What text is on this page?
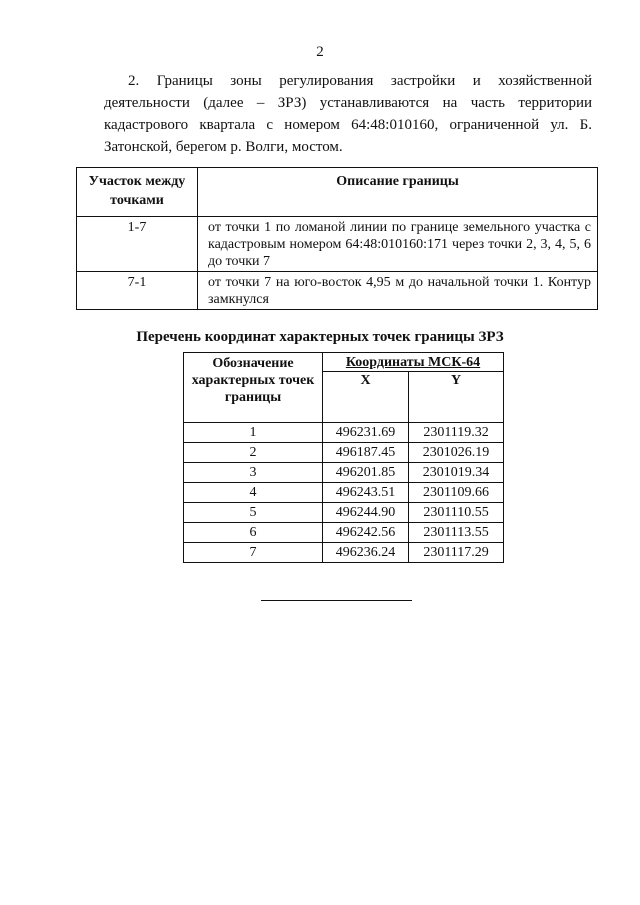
2

2. Границы зоны регулирования застройки и хозяйственной деятельности (далее – ЗРЗ) устанавливаются на часть территории кадастрового квартала с номером 64:48:010160, ограниченной ул. Б. Затонской, берегом р. Волги, мостом.

Участок между точками	Описание границы
1-7	от точки 1 по ломаной линии по границе земельного участка с кадастровым номером 64:48:010160:171 через точки 2, 3, 4, 5, 6 до точки 7
7-1	от точки 7 на юго-восток 4,95 м до начальной точки 1. Контур замкнулся
Перечень координат характерных точек границы ЗРЗ
Обозначение характерных точек границы	Координаты МСК-64	
	X	Y
1	496231.69	2301119.32
2	496187.45	2301026.19
3	496201.85	2301019.34
4	496243.51	2301109.66
5	496244.90	2301110.55
6	496242.56	2301113.55
7	496236.24	2301117.29
